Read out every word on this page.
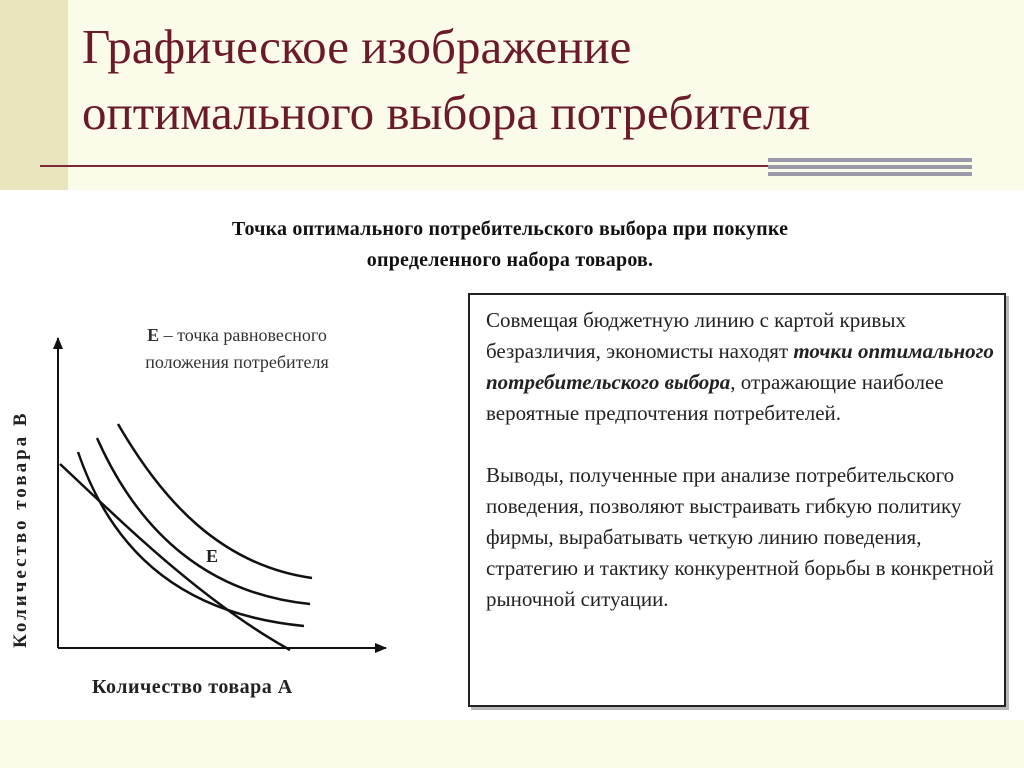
Графическое изображение
оптимального выбора потребителя
Точка оптимального потребительского выбора при покупке
определенного набора товаров.
Е – точка равновесного
положения потребителя
Е
Количество товара А
Количество товара В

Совмещая бюджетную линию с картой кривых безразличия, экономисты находят точки оптимального потребительского выбора, отражающие наиболее вероятные предпочтения потребителей.

Выводы, полученные при анализе потребительского поведения, позволяют выстраивать гибкую политику фирмы, вырабатывать четкую линию поведения, стратегию и тактику конкурентной борьбы в конкретной рыночной ситуации.
